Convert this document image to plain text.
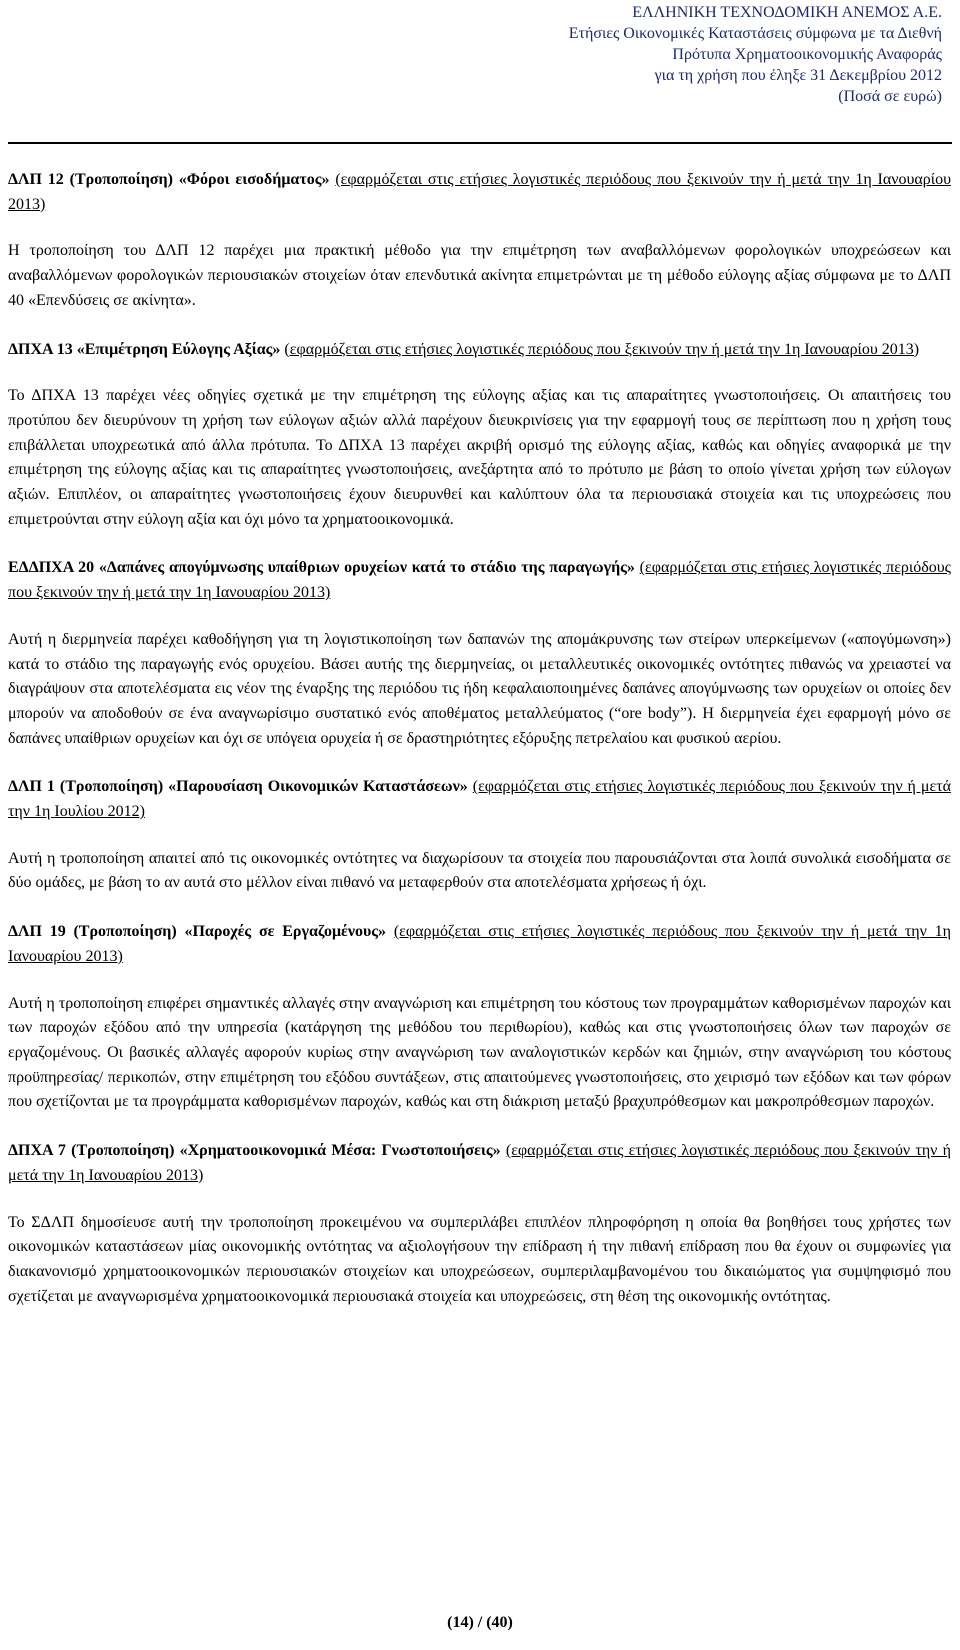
ΕΛΛΗΝΙΚΗ ΤΕΧΝΟΔΟΜΙΚΗ ΑΝΕΜΟΣ Α.Ε.
Ετήσιες Οικονομικές Καταστάσεις σύμφωνα με τα Διεθνή
Πρότυπα Χρηματοοικονομικής Αναφοράς
για τη χρήση που έληξε 31 Δεκεμβρίου 2012
(Ποσά σε ευρώ)

ΔΛΠ 12 (Τροποποίηση) «Φόροι εισοδήματος» (εφαρμόζεται στις ετήσιες λογιστικές περιόδους που ξεκινούν την ή μετά την 1η Ιανουαρίου 2013)

Η τροποποίηση του ΔΛΠ 12 παρέχει μια πρακτική μέθοδο για την επιμέτρηση των αναβαλλόμενων φορολογικών υποχρεώσεων και αναβαλλόμενων φορολογικών περιουσιακών στοιχείων όταν επενδυτικά ακίνητα επιμετρώνται με τη μέθοδο εύλογης αξίας σύμφωνα με το ΔΛΠ 40 «Επενδύσεις σε ακίνητα».

ΔΠΧΑ 13 «Επιμέτρηση Εύλογης Αξίας» (εφαρμόζεται στις ετήσιες λογιστικές περιόδους που ξεκινούν την ή μετά την 1η Ιανουαρίου 2013)

Το ΔΠΧΑ 13 παρέχει νέες οδηγίες σχετικά με την επιμέτρηση της εύλογης αξίας και τις απαραίτητες γνωστοποιήσεις. Οι απαιτήσεις του προτύπου δεν διευρύνουν τη χρήση των εύλογων αξιών αλλά παρέχουν διευκρινίσεις για την εφαρμογή τους σε περίπτωση που η χρήση τους επιβάλλεται υποχρεωτικά από άλλα πρότυπα. Το ΔΠΧΑ 13 παρέχει ακριβή ορισμό της εύλογης αξίας, καθώς και οδηγίες αναφορικά με την επιμέτρηση της εύλογης αξίας και τις απαραίτητες γνωστοποιήσεις, ανεξάρτητα από το πρότυπο με βάση το οποίο γίνεται χρήση των εύλογων αξιών. Επιπλέον, οι απαραίτητες γνωστοποιήσεις έχουν διευρυνθεί και καλύπτουν όλα τα περιουσιακά στοιχεία και τις υποχρεώσεις που επιμετρούνται στην εύλογη αξία και όχι μόνο τα χρηματοοικονομικά.

ΕΔΔΠΧΑ 20 «Δαπάνες απογύμνωσης υπαίθριων ορυχείων κατά το στάδιο της παραγωγής» (εφαρμόζεται στις ετήσιες λογιστικές περιόδους που ξεκινούν την ή μετά την 1η Ιανουαρίου 2013)

Αυτή η διερμηνεία παρέχει καθοδήγηση για τη λογιστικοποίηση των δαπανών της απομάκρυνσης των στείρων υπερκείμενων («απογύμωνση») κατά το στάδιο της παραγωγής ενός ορυχείου. Βάσει αυτής της διερμηνείας, οι μεταλλευτικές οικονομικές οντότητες πιθανώς να χρειαστεί να διαγράψουν στα αποτελέσματα εις νέον της έναρξης της περιόδου τις ήδη κεφαλαιοποιημένες δαπάνες απογύμνωσης των ορυχείων οι οποίες δεν μπορούν να αποδοθούν σε ένα αναγνωρίσιμο συστατικό ενός αποθέματος μεταλλεύματος (“ore body”). Η διερμηνεία έχει εφαρμογή μόνο σε δαπάνες υπαίθριων ορυχείων και όχι σε υπόγεια ορυχεία ή σε δραστηριότητες εξόρυξης πετρελαίου και φυσικού αερίου.

ΔΛΠ 1 (Τροποποίηση) «Παρουσίαση Οικονομικών Καταστάσεων» (εφαρμόζεται στις ετήσιες λογιστικές περιόδους που ξεκινούν την ή μετά την 1η Ιουλίου 2012)

Αυτή η τροποποίηση απαιτεί από τις οικονομικές οντότητες να διαχωρίσουν τα στοιχεία που παρουσιάζονται στα λοιπά συνολικά εισοδήματα σε δύο ομάδες, με βάση το αν αυτά στο μέλλον είναι πιθανό να μεταφερθούν στα αποτελέσματα χρήσεως ή όχι.

ΔΛΠ 19 (Τροποποίηση) «Παροχές σε Εργαζομένους» (εφαρμόζεται στις ετήσιες λογιστικές περιόδους που ξεκινούν την ή μετά την 1η Ιανουαρίου 2013)

Αυτή η τροποποίηση επιφέρει σημαντικές αλλαγές στην αναγνώριση και επιμέτρηση του κόστους των προγραμμάτων καθορισμένων παροχών και των παροχών εξόδου από την υπηρεσία (κατάργηση της μεθόδου του περιθωρίου), καθώς και στις γνωστοποιήσεις όλων των παροχών σε εργαζομένους. Οι βασικές αλλαγές αφορούν κυρίως στην αναγνώριση των αναλογιστικών κερδών και ζημιών, στην αναγνώριση του κόστους προϋπηρεσίας/ περικοπών, στην επιμέτρηση του εξόδου συντάξεων, στις απαιτούμενες γνωστοποιήσεις, στο χειρισμό των εξόδων και των φόρων που σχετίζονται με τα προγράμματα καθορισμένων παροχών, καθώς και στη διάκριση μεταξύ βραχυπρόθεσμων και μακροπρόθεσμων παροχών.

ΔΠΧΑ 7 (Τροποποίηση) «Χρηματοοικονομικά Μέσα: Γνωστοποιήσεις» (εφαρμόζεται στις ετήσιες λογιστικές περιόδους που ξεκινούν την ή μετά την 1η Ιανουαρίου 2013)

Το ΣΔΛΠ δημοσίευσε αυτή την τροποποίηση προκειμένου να συμπεριλάβει επιπλέον πληροφόρηση η οποία θα βοηθήσει τους χρήστες των οικονομικών καταστάσεων μίας οικονομικής οντότητας να αξιολογήσουν την επίδραση ή την πιθανή επίδραση που θα έχουν οι συμφωνίες για διακανονισμό χρηματοοικονομικών περιουσιακών στοιχείων και υποχρεώσεων, συμπεριλαμβανομένου του δικαιώματος για συμψηφισμό που σχετίζεται με αναγνωρισμένα χρηματοοικονομικά περιουσιακά στοιχεία και υποχρεώσεις, στη θέση της οικονομικής οντότητας.

(14) / (40)
